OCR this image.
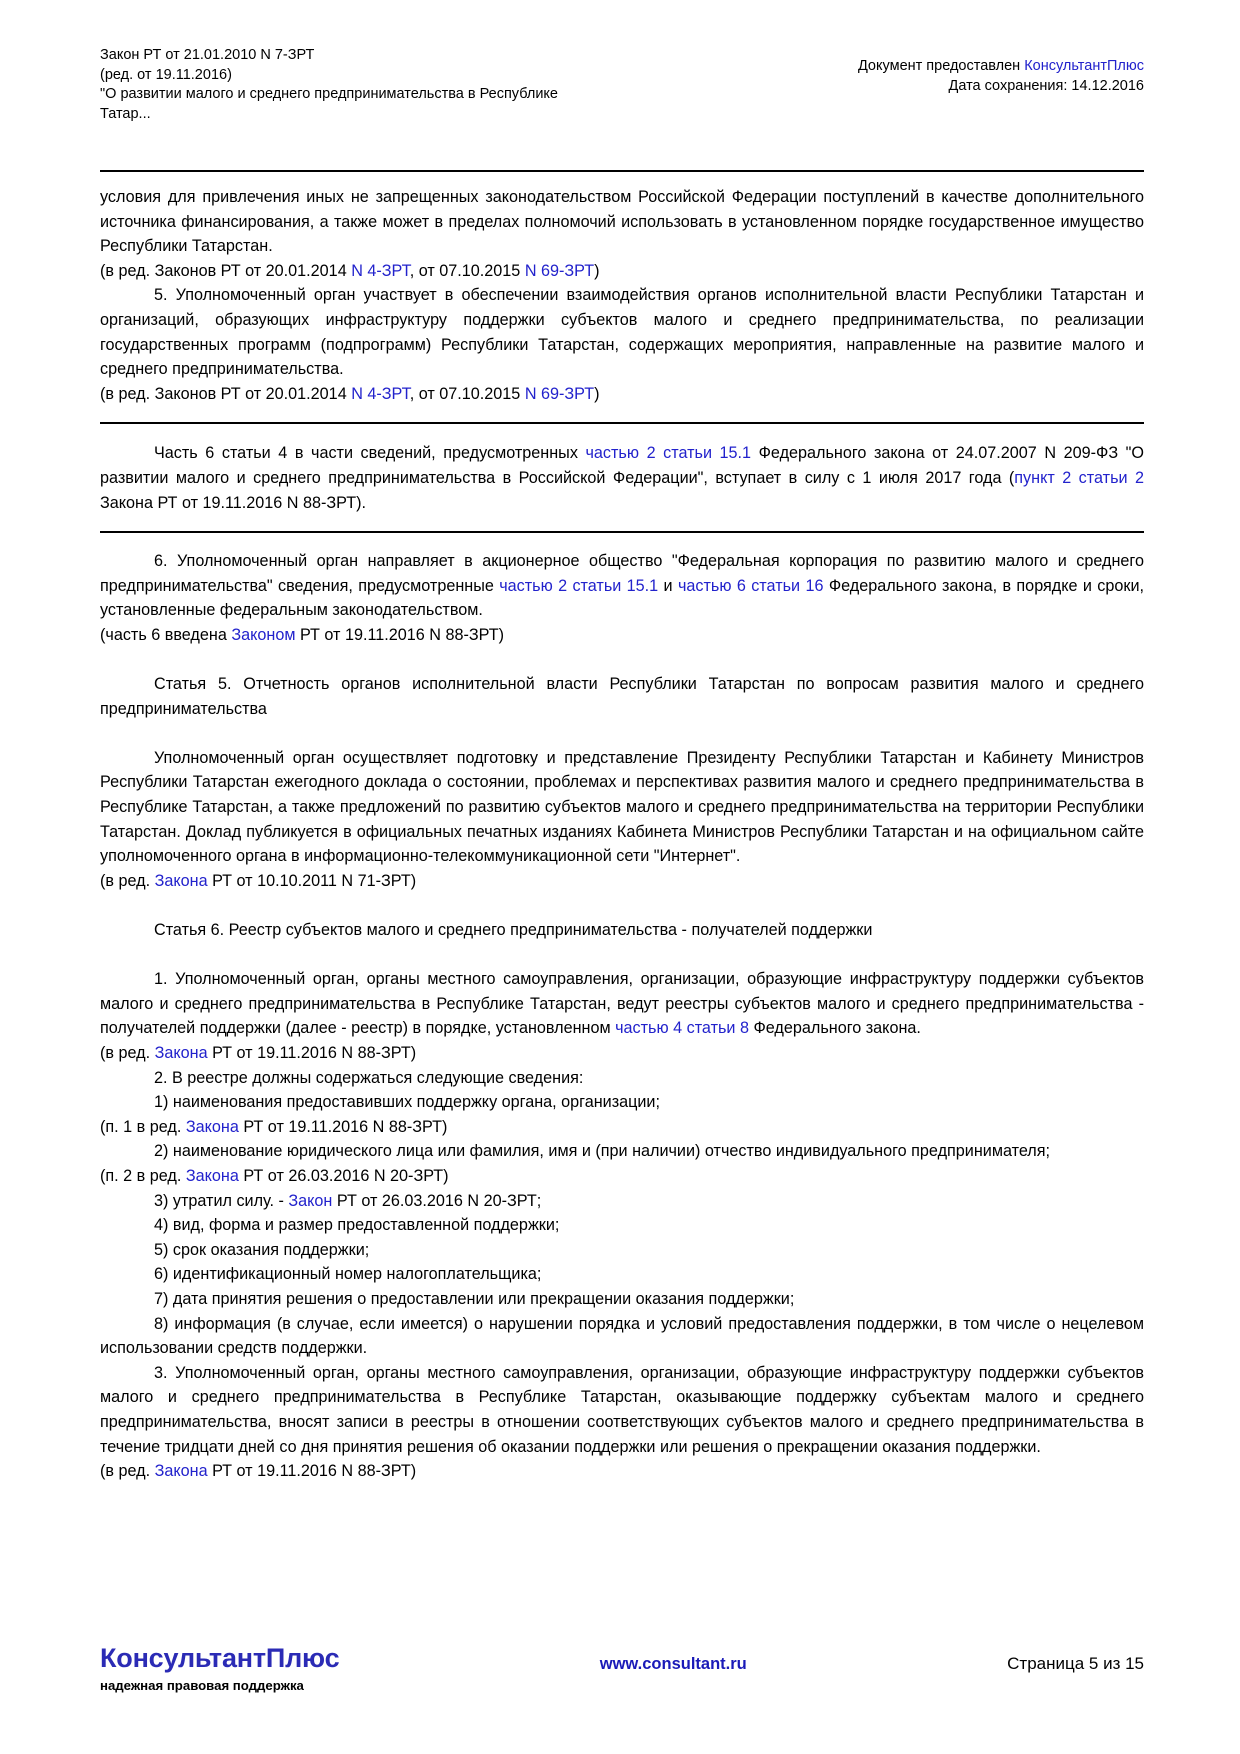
Закон РТ от 21.01.2010 N 7-ЗРТ
(ред. от 19.11.2016)
"О развитии малого и среднего предпринимательства в Республике
Татар...
Документ предоставлен КонсультантПлюс
Дата сохранения: 14.12.2016

условия для привлечения иных не запрещенных законодательством Российской Федерации поступлений в качестве дополнительного источника финансирования, а также может в пределах полномочий использовать в установленном порядке государственное имущество Республики Татарстан.

(в ред. Законов РТ от 20.01.2014 N 4-ЗРТ, от 07.10.2015 N 69-ЗРТ)

5. Уполномоченный орган участвует в обеспечении взаимодействия органов исполнительной власти Республики Татарстан и организаций, образующих инфраструктуру поддержки субъектов малого и среднего предпринимательства, по реализации государственных программ (подпрограмм) Республики Татарстан, содержащих мероприятия, направленные на развитие малого и среднего предпринимательства.

(в ред. Законов РТ от 20.01.2014 N 4-ЗРТ, от 07.10.2015 N 69-ЗРТ)

Часть 6 статьи 4 в части сведений, предусмотренных частью 2 статьи 15.1 Федерального закона от 24.07.2007 N 209-ФЗ "О развитии малого и среднего предпринимательства в Российской Федерации", вступает в силу с 1 июля 2017 года (пункт 2 статьи 2 Закона РТ от 19.11.2016 N 88-ЗРТ).

6. Уполномоченный орган направляет в акционерное общество "Федеральная корпорация по развитию малого и среднего предпринимательства" сведения, предусмотренные частью 2 статьи 15.1 и частью 6 статьи 16 Федерального закона, в порядке и сроки, установленные федеральным законодательством.

(часть 6 введена Законом РТ от 19.11.2016 N 88-ЗРТ)

Статья 5. Отчетность органов исполнительной власти Республики Татарстан по вопросам развития малого и среднего предпринимательства

Уполномоченный орган осуществляет подготовку и представление Президенту Республики Татарстан и Кабинету Министров Республики Татарстан ежегодного доклада о состоянии, проблемах и перспективах развития малого и среднего предпринимательства в Республике Татарстан, а также предложений по развитию субъектов малого и среднего предпринимательства на территории Республики Татарстан. Доклад публикуется в официальных печатных изданиях Кабинета Министров Республики Татарстан и на официальном сайте уполномоченного органа в информационно-телекоммуникационной сети "Интернет".

(в ред. Закона РТ от 10.10.2011 N 71-ЗРТ)

Статья 6. Реестр субъектов малого и среднего предпринимательства - получателей поддержки

1. Уполномоченный орган, органы местного самоуправления, организации, образующие инфраструктуру поддержки субъектов малого и среднего предпринимательства в Республике Татарстан, ведут реестры субъектов малого и среднего предпринимательства - получателей поддержки (далее - реестр) в порядке, установленном частью 4 статьи 8 Федерального закона.

(в ред. Закона РТ от 19.11.2016 N 88-ЗРТ)

2. В реестре должны содержаться следующие сведения:

1) наименования предоставивших поддержку органа, организации;

(п. 1 в ред. Закона РТ от 19.11.2016 N 88-ЗРТ)

2) наименование юридического лица или фамилия, имя и (при наличии) отчество индивидуального предпринимателя;

(п. 2 в ред. Закона РТ от 26.03.2016 N 20-ЗРТ)

3) утратил силу. - Закон РТ от 26.03.2016 N 20-ЗРТ;

4) вид, форма и размер предоставленной поддержки;

5) срок оказания поддержки;

6) идентификационный номер налогоплательщика;

7) дата принятия решения о предоставлении или прекращении оказания поддержки;

8) информация (в случае, если имеется) о нарушении порядка и условий предоставления поддержки, в том числе о нецелевом использовании средств поддержки.

3. Уполномоченный орган, органы местного самоуправления, организации, образующие инфраструктуру поддержки субъектов малого и среднего предпринимательства в Республике Татарстан, оказывающие поддержку субъектам малого и среднего предпринимательства, вносят записи в реестры в отношении соответствующих субъектов малого и среднего предпринимательства в течение тридцати дней со дня принятия решения об оказании поддержки или решения о прекращении оказания поддержки.

(в ред. Закона РТ от 19.11.2016 N 88-ЗРТ)

КонсультантПлюс
надежная правовая поддержка
www.consultant.ru	Страница 5 из 15
